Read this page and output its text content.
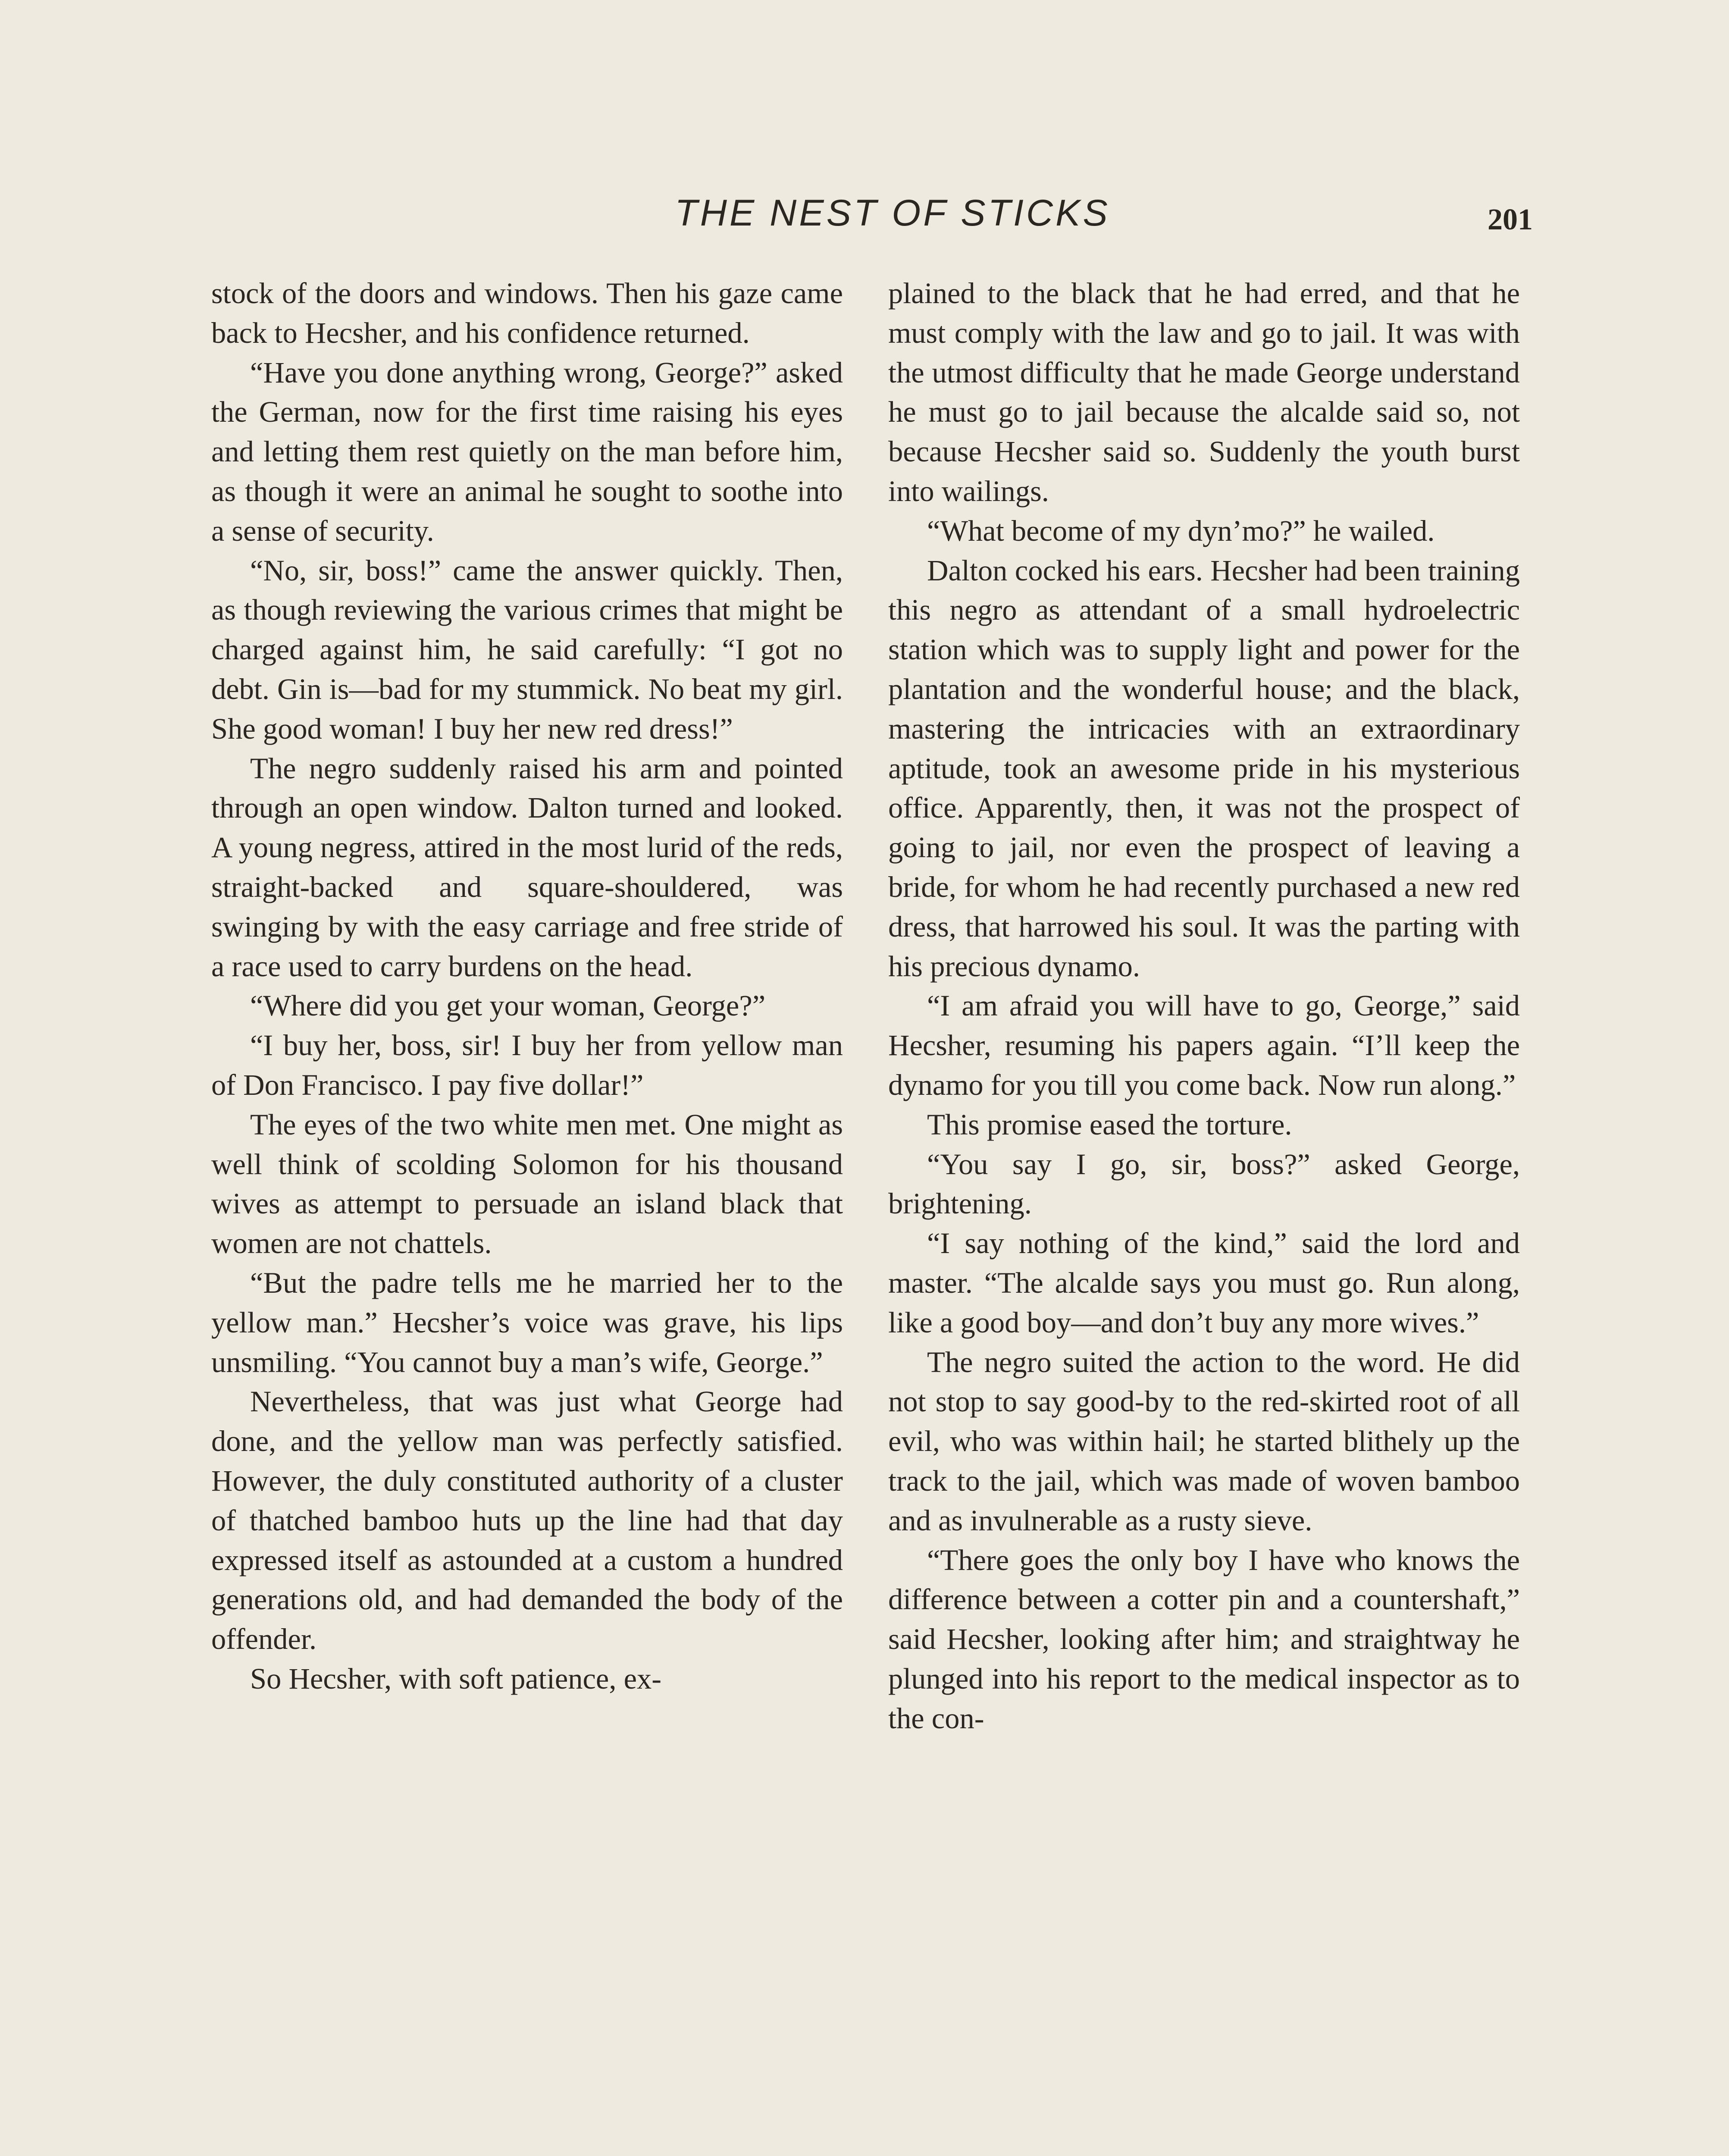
THE NEST OF STICKS	201

stock of the doors and windows. Then his gaze came back to Hecsher, and his confidence returned.

“Have you done anything wrong, George?” asked the German, now for the first time raising his eyes and letting them rest quietly on the man before him, as though it were an animal he sought to soothe into a sense of security.

“No, sir, boss!” came the answer quickly. Then, as though reviewing the various crimes that might be charged against him, he said carefully: “I got no debt. Gin is—bad for my stummick. No beat my girl. She good woman! I buy her new red dress!”

The negro suddenly raised his arm and pointed through an open window. Dalton turned and looked. A young negress, attired in the most lurid of the reds, straight-backed and square-shouldered, was swinging by with the easy carriage and free stride of a race used to carry burdens on the head.

“Where did you get your woman, George?”

“I buy her, boss, sir! I buy her from yellow man of Don Francisco. I pay five dollar!”

The eyes of the two white men met. One might as well think of scolding Solomon for his thousand wives as attempt to persuade an island black that women are not chattels.

“But the padre tells me he married her to the yellow man.” Hecsher’s voice was grave, his lips unsmiling. “You cannot buy a man’s wife, George.”

Nevertheless, that was just what George had done, and the yellow man was perfectly satisfied. However, the duly constituted authority of a cluster of thatched bamboo huts up the line had that day expressed itself as astounded at a custom a hundred generations old, and had demanded the body of the offender.

So Hecsher, with soft patience, ex-

plained to the black that he had erred, and that he must comply with the law and go to jail. It was with the utmost difficulty that he made George understand he must go to jail because the alcalde said so, not because Hecsher said so. Suddenly the youth burst into wailings.

“What become of my dyn’mo?” he wailed.

Dalton cocked his ears. Hecsher had been training this negro as attendant of a small hydroelectric station which was to supply light and power for the plantation and the wonderful house; and the black, mastering the intricacies with an extraordinary aptitude, took an awesome pride in his mysterious office. Apparently, then, it was not the prospect of going to jail, nor even the prospect of leaving a bride, for whom he had recently purchased a new red dress, that harrowed his soul. It was the parting with his precious dynamo.

“I am afraid you will have to go, George,” said Hecsher, resuming his papers again. “I’ll keep the dynamo for you till you come back. Now run along.”

This promise eased the torture.

“You say I go, sir, boss?” asked George, brightening.

“I say nothing of the kind,” said the lord and master. “The alcalde says you must go. Run along, like a good boy—and don’t buy any more wives.”

The negro suited the action to the word. He did not stop to say good-by to the red-skirted root of all evil, who was within hail; he started blithely up the track to the jail, which was made of woven bamboo and as invulnerable as a rusty sieve.

“There goes the only boy I have who knows the difference between a cotter pin and a countershaft,” said Hecsher, looking after him; and straightway he plunged into his report to the medical inspector as to the con-
